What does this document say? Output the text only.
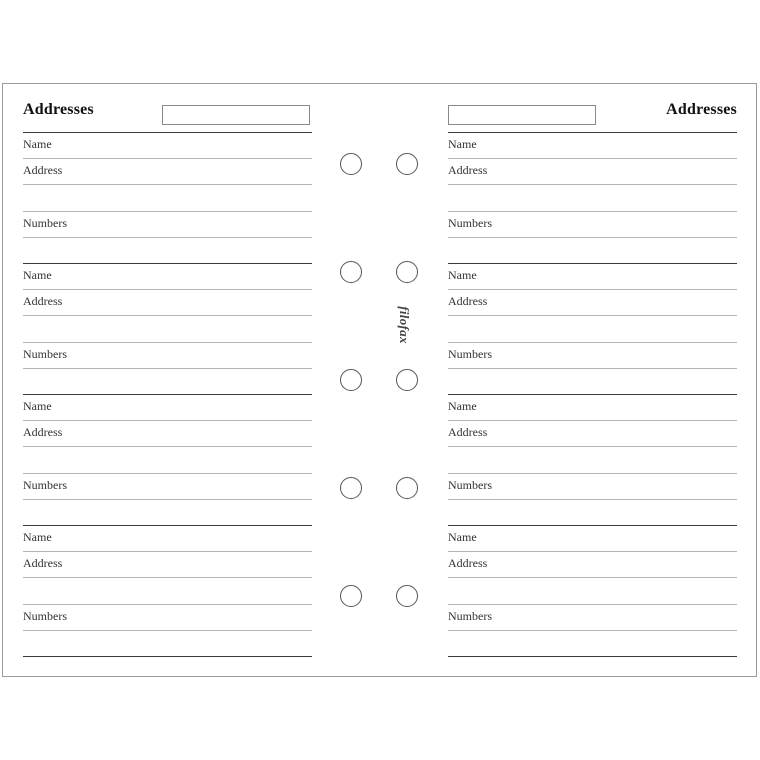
Addresses
Name
Address
Numbers
Name
Address
Numbers
Name
Address
Numbers
Name
Address
Numbers
Addresses
Name
Address
Numbers
Name
Address
Numbers
Name
Address
Numbers
Name
Address
Numbers
filofax
